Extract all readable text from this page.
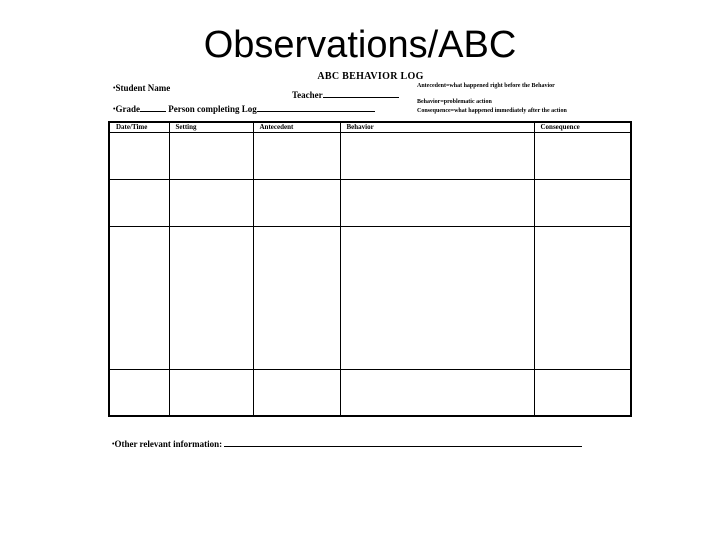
Observations/ABC
ABC BEHAVIOR LOG
•Student Name
Teacher
•Grade	Person completing Log
Antecedent=what happened right before the Behavior
Behavior=problematic action
Consequence=what happened immediately after the action
Date/Time	Setting	Antecedent	Behavior	Consequence

•Other relevant information:
